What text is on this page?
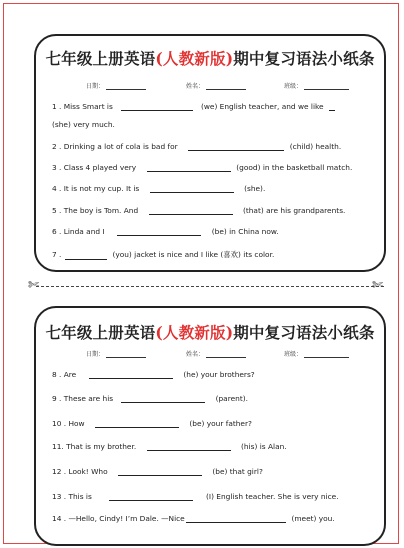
七年级上册英语(人教新版)期中复习语法小纸条
日期：	姓名：	班级：
1 . Miss Smart is	(we) English teacher, and we like
(she) very much.
2 . Drinking a lot of cola is bad for	(child) health.
3 . Class 4 played very	(good) in the basketball match.
4 . It is not my cup. It is	(she).
5 . The boy is Tom. And	(that) are his grandparents.
6 . Linda and I	(be) in China now.
7 .	(you) jacket is nice and I like (喜欢) its color.
✄	✄
七年级上册英语(人教新版)期中复习语法小纸条
日期：	姓名：	班级：
8 . Are	(he) your brothers?
9 . These are his	(parent).
10 . How	(be) your father?
11. That is my brother.	(his) is Alan.
12 . Look! Who	(be) that girl?
13 . This is	(I) English teacher. She is very nice.
14 . —Hello, Cindy! I’m Dale. —Nice	(meet) you.
